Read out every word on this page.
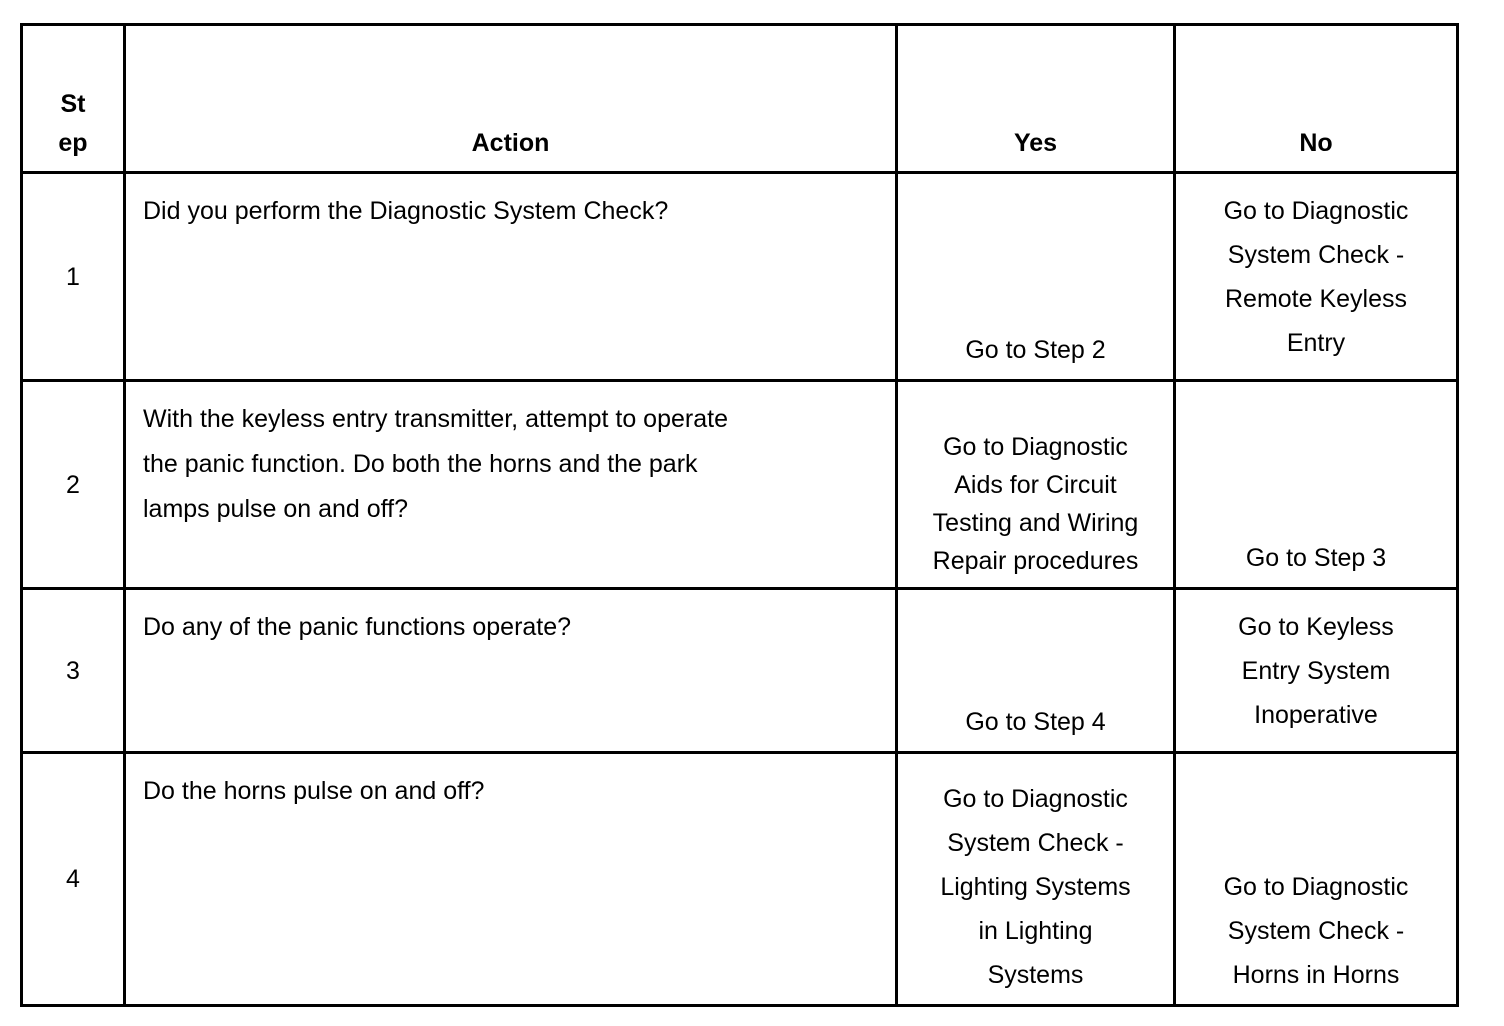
St
ep	Action	Yes	No
1	Did you perform the Diagnostic System Check?	Go to Step 2	Go to Diagnostic
System Check -
Remote Keyless
Entry

2	With the keyless entry transmitter, attempt to operate
the panic function. Do both the horns and the park
lamps pulse on and off?	Go to Diagnostic
Aids for Circuit
Testing and Wiring
Repair procedures	Go to Step 3

3	Do any of the panic functions operate?	Go to Step 4	Go to Keyless
Entry System
Inoperative

4	Do the horns pulse on and off?	Go to Diagnostic
System Check -
Lighting Systems
in Lighting
Systems	Go to Diagnostic
System Check -
Horns in Horns
